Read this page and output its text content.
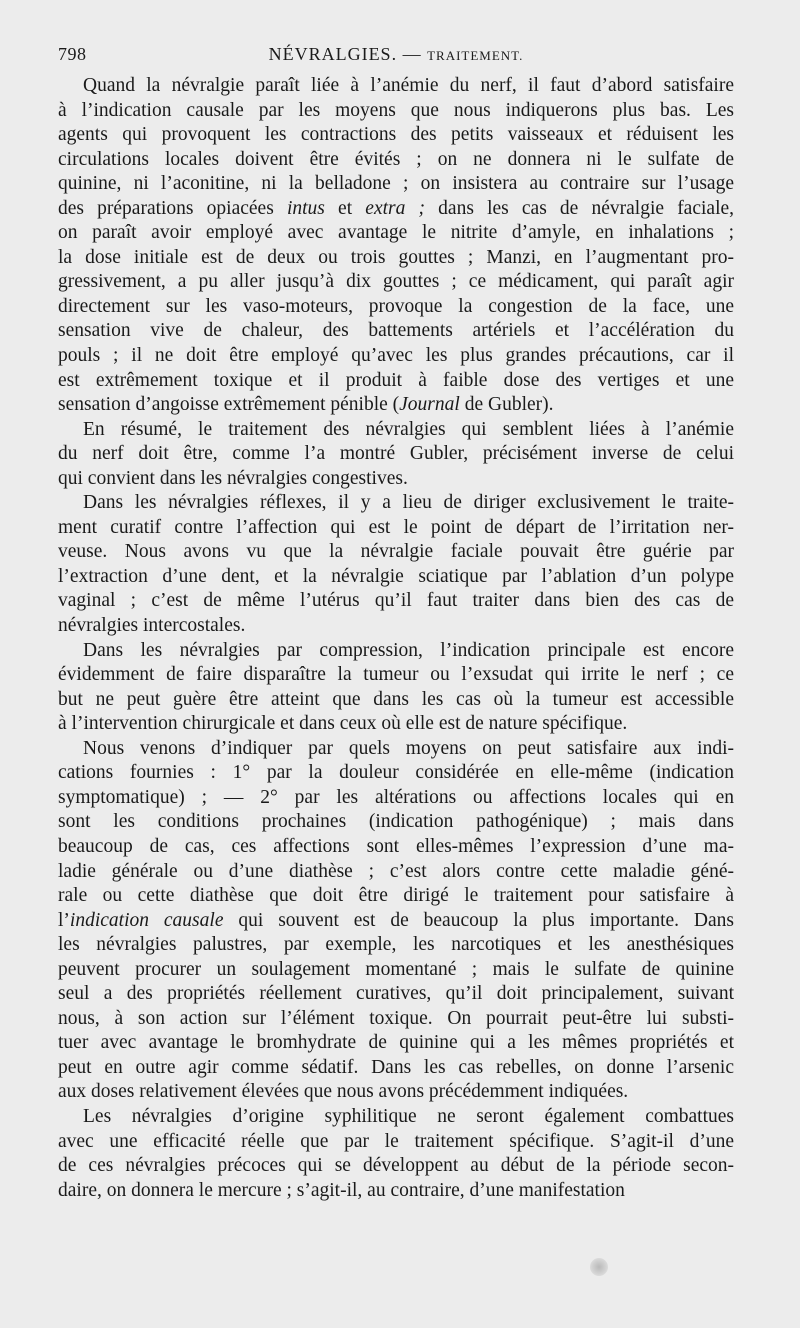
798	NÉVRALGIES. — TRAITEMENT.
Quand la névralgie paraît liée à l’anémie du nerf, il faut d’abord satisfaire
à l’indication causale par les moyens que nous indiquerons plus bas. Les
agents qui provoquent les contractions des petits vaisseaux et réduisent les
circulations locales doivent être évités ; on ne donnera ni le sulfate de
quinine, ni l’aconitine, ni la belladone ; on insistera au contraire sur l’usage
des préparations opiacées intus et extra ; dans les cas de névralgie faciale,
on paraît avoir employé avec avantage le nitrite d’amyle, en inhalations ;
la dose initiale est de deux ou trois gouttes ; Manzi, en l’augmentant pro-
gressivement, a pu aller jusqu’à dix gouttes ; ce médicament, qui paraît agir
directement sur les vaso-moteurs, provoque la congestion de la face, une
sensation vive de chaleur, des battements artériels et l’accélération du
pouls ; il ne doit être employé qu’avec les plus grandes précautions, car il
est extrêmement toxique et il produit à faible dose des vertiges et une
sensation d’angoisse extrêmement pénible (Journal de Gubler).
En résumé, le traitement des névralgies qui semblent liées à l’anémie
du nerf doit être, comme l’a montré Gubler, précisément inverse de celui
qui convient dans les névralgies congestives.
Dans les névralgies réflexes, il y a lieu de diriger exclusivement le traite-
ment curatif contre l’affection qui est le point de départ de l’irritation ner-
veuse. Nous avons vu que la névralgie faciale pouvait être guérie par
l’extraction d’une dent, et la névralgie sciatique par l’ablation d’un polype
vaginal ; c’est de même l’utérus qu’il faut traiter dans bien des cas de
névralgies intercostales.
Dans les névralgies par compression, l’indication principale est encore
évidemment de faire disparaître la tumeur ou l’exsudat qui irrite le nerf ; ce
but ne peut guère être atteint que dans les cas où la tumeur est accessible
à l’intervention chirurgicale et dans ceux où elle est de nature spécifique.
Nous venons d’indiquer par quels moyens on peut satisfaire aux indi-
cations fournies : 1° par la douleur considérée en elle-même (indication
symptomatique) ; — 2° par les altérations ou affections locales qui en
sont les conditions prochaines (indication pathogénique) ; mais dans
beaucoup de cas, ces affections sont elles-mêmes l’expression d’une ma-
ladie générale ou d’une diathèse ; c’est alors contre cette maladie géné-
rale ou cette diathèse que doit être dirigé le traitement pour satisfaire à
l’indication causale qui souvent est de beaucoup la plus importante. Dans
les névralgies palustres, par exemple, les narcotiques et les anesthésiques
peuvent procurer un soulagement momentané ; mais le sulfate de quinine
seul a des propriétés réellement curatives, qu’il doit principalement, suivant
nous, à son action sur l’élément toxique. On pourrait peut-être lui substi-
tuer avec avantage le bromhydrate de quinine qui a les mêmes propriétés et
peut en outre agir comme sédatif. Dans les cas rebelles, on donne l’arsenic
aux doses relativement élevées que nous avons précédemment indiquées.
Les névralgies d’origine syphilitique ne seront également combattues
avec une efficacité réelle que par le traitement spécifique. S’agit-il d’une
de ces névralgies précoces qui se développent au début de la période secon-
daire, on donnera le mercure ; s’agit-il, au contraire, d’une manifestation
